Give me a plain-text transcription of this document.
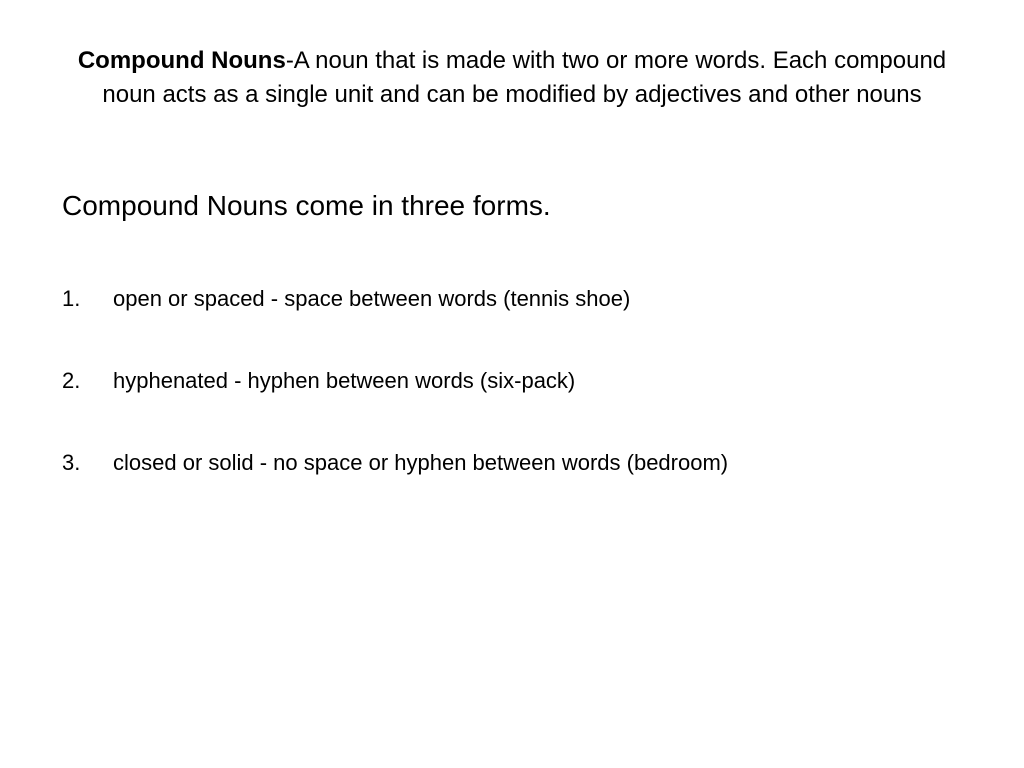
Compound Nouns-A noun that is made with two or more words. Each compound noun acts as a single unit and can be modified by adjectives and other nouns
Compound Nouns come in three forms.
1.	open or spaced - space between words (tennis shoe)
2.	hyphenated - hyphen between words (six-pack)
3.	closed or solid - no space or hyphen between words (bedroom)
